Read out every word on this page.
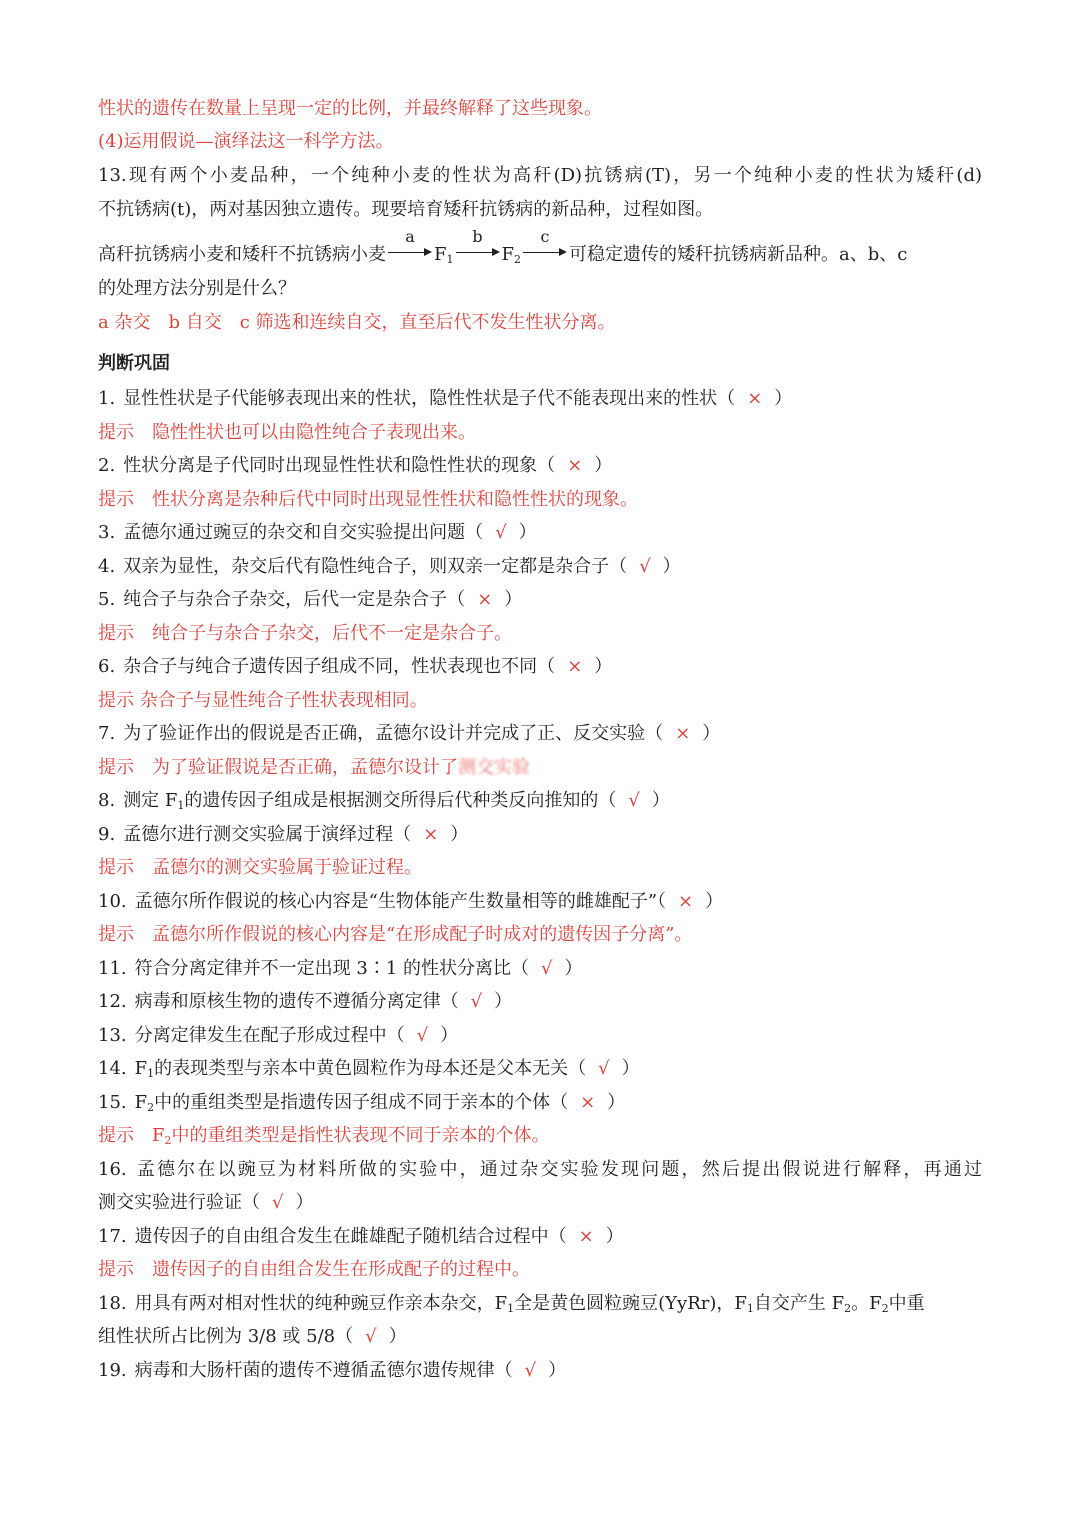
性状的遗传在数量上呈现一定的比例，并最终解释了这些现象。
(4)运用假说—演绎法这一科学方法。
13.现有两个小麦品种，一个纯种小麦的性状为高秆(D)抗锈病(T)，另一个纯种小麦的性状为矮秆(d)
不抗锈病(t)，两对基因独立遗传。现要培育矮秆抗锈病的新品种，过程如图。
高秆抗锈病小麦和矮秆不抗锈病小麦
a
$F_1$
b
$F_2$
c
可稳定遗传的矮秆抗锈病新品种。a、b、c
的处理方法分别是什么？
a 杂交　b 自交　c 筛选和连续自交，直至后代不发生性状分离。
判断巩固
1. 显性性状是子代能够表现出来的性状，隐性性状是子代不能表现出来的性状（ × ）
提示　隐性性状也可以由隐性纯合子表现出来。
2. 性状分离是子代同时出现显性性状和隐性性状的现象（ × ）
提示　性状分离是杂种后代中同时出现显性性状和隐性性状的现象。
3. 孟德尔通过豌豆的杂交和自交实验提出问题（ √ ）
4. 双亲为显性，杂交后代有隐性纯合子，则双亲一定都是杂合子（ √ ）
5. 纯合子与杂合子杂交，后代一定是杂合子（ × ）
提示　纯合子与杂合子杂交，后代不一定是杂合子。
6. 杂合子与纯合子遗传因子组成不同，性状表现也不同（ × ）
提示 杂合子与显性纯合子性状表现相同。
7. 为了验证作出的假说是否正确，孟德尔设计并完成了正、反交实验（ × ）
提示　为了验证假说是否正确，孟德尔设计了测交实验
8. 测定 $F_1$的遗传因子组成是根据测交所得后代种类反向推知的（ √ ）
9. 孟德尔进行测交实验属于演绎过程（ × ）
提示　孟德尔的测交实验属于验证过程。
10. 孟德尔所作假说的核心内容是“生物体能产生数量相等的雌雄配子”（ × ）
提示　孟德尔所作假说的核心内容是“在形成配子时成对的遗传因子分离”。
11. 符合分离定律并不一定出现 3∶1 的性状分离比（ √ ）
12. 病毒和原核生物的遗传不遵循分离定律（ √ ）
13. 分离定律发生在配子形成过程中（ √ ）
14. $F_1$的表现类型与亲本中黄色圆粒作为母本还是父本无关（ √ ）
15. $F_2$中的重组类型是指遗传因子组成不同于亲本的个体（ × ）
提示　$F_2$中的重组类型是指性状表现不同于亲本的个体。
16. 孟德尔在以豌豆为材料所做的实验中，通过杂交实验发现问题，然后提出假说进行解释，再通过
测交实验进行验证（ √ ）
17. 遗传因子的自由组合发生在雌雄配子随机结合过程中（ × ）
提示　遗传因子的自由组合发生在形成配子的过程中。
18. 用具有两对相对性状的纯种豌豆作亲本杂交，$F_1$全是黄色圆粒豌豆(YyRr)，$F_1$自交产生 $F_2$。$F_2$中重
组性状所占比例为 3/8 或 5/8（ √ ）
19. 病毒和大肠杆菌的遗传不遵循孟德尔遗传规律（ √ ）
